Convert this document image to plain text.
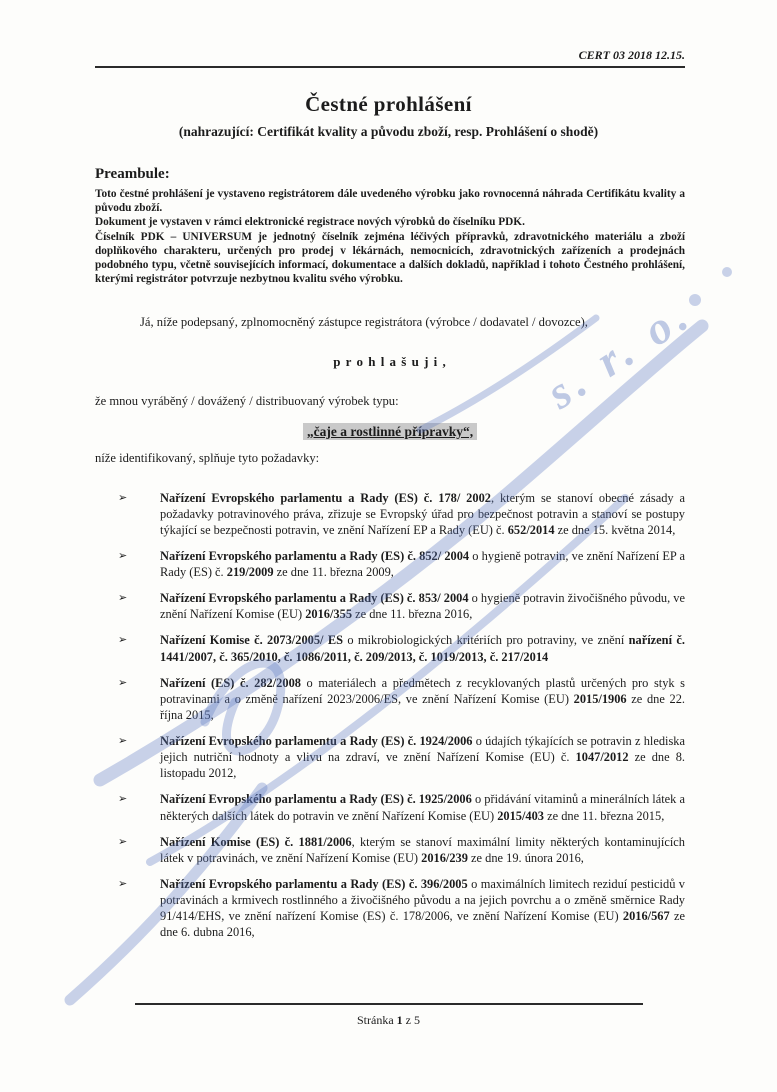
CERT 03 2018 12.15.
Čestné prohlášení
(nahrazující: Certifikát kvality a původu zboží, resp. Prohlášení o shodě)
Preambule:

Toto čestné prohlášení je vystaveno registrátorem dále uvedeného výrobku jako rovnocenná náhrada Certifikátu kvality a původu zboží.

Dokument je vystaven v rámci elektronické registrace nových výrobků do číselníku PDK.

Číselník PDK – UNIVERSUM je jednotný číselník zejména léčivých přípravků, zdravotnického materiálu a zboží doplňkového charakteru, určených pro prodej v lékárnách, nemocnicích, zdravotnických zařízeních a prodejnách podobného typu, včetně souvisejících informací, dokumentace a dalších dokladů, například i tohoto Čestného prohlášení, kterými registrátor potvrzuje nezbytnou kvalitu svého výrobku.

Já, níže podepsaný, zplnomocněný zástupce registrátora (výrobce / dodavatel / dovozce),
p r o h l a š u j i ,
že mnou vyráběný / dovážený / distribuovaný výrobek typu:
„čaje a rostlinné přípravky“,
níže identifikovaný, splňuje tyto požadavky:
➢	Nařízení Evropského parlamentu a Rady (ES) č. 178/ 2002, kterým se stanoví obecné zásady a požadavky potravinového práva, zřizuje se Evropský úřad pro bezpečnost potravin a stanoví se postupy týkající se bezpečnosti potravin, ve znění Nařízení EP a Rady (EU) č. 652/2014 ze dne 15. května 2014,
➢	Nařízení Evropského parlamentu a Rady (ES) č. 852/ 2004 o hygieně potravin, ve znění Nařízení EP a Rady (ES) č. 219/2009 ze dne 11. března 2009,
➢	Nařízení Evropského parlamentu a Rady (ES) č. 853/ 2004 o hygieně potravin živočišného původu, ve znění Nařízení Komise (EU) 2016/355 ze dne 11. března 2016,
➢	Nařízení Komise č. 2073/2005/ ES o mikrobiologických kritériích pro potraviny, ve znění nařízení č. 1441/2007, č. 365/2010, č. 1086/2011, č. 209/2013, č. 1019/2013, č. 217/2014
➢	Nařízení (ES) č. 282/2008 o materiálech a předmětech z recyklovaných plastů určených pro styk s potravinami a o změně nařízení 2023/2006/ES, ve znění Nařízení Komise (EU) 2015/1906 ze dne 22. října 2015,
➢	Nařízení Evropského parlamentu a Rady (ES) č. 1924/2006 o údajích týkajících se potravin z hlediska jejich nutriční hodnoty a vlivu na zdraví, ve znění Nařízení Komise (EU) č. 1047/2012 ze dne 8. listopadu 2012,
➢	Nařízení Evropského parlamentu a Rady (ES) č. 1925/2006 o přidávání vitaminů a minerálních látek a některých dalších látek do potravin ve znění Nařízení Komise (EU) 2015/403 ze dne 11. března 2015,
➢	Nařízení Komise (ES) č. 1881/2006, kterým se stanoví maximální limity některých kontaminujících látek v potravinách, ve znění Nařízení Komise (EU) 2016/239 ze dne 19. února 2016,
➢	Nařízení Evropského parlamentu a Rady (ES) č. 396/2005 o maximálních limitech reziduí pesticidů v potravinách a krmivech rostlinného a živočišného původu a na jejich povrchu a o změně směrnice Rady 91/414/EHS, ve znění nařízení Komise (ES) č. 178/2006, ve znění Nařízení Komise (EU) 2016/567 ze dne 6. dubna 2016,
Stránka 1 z 5
s. r. o.
